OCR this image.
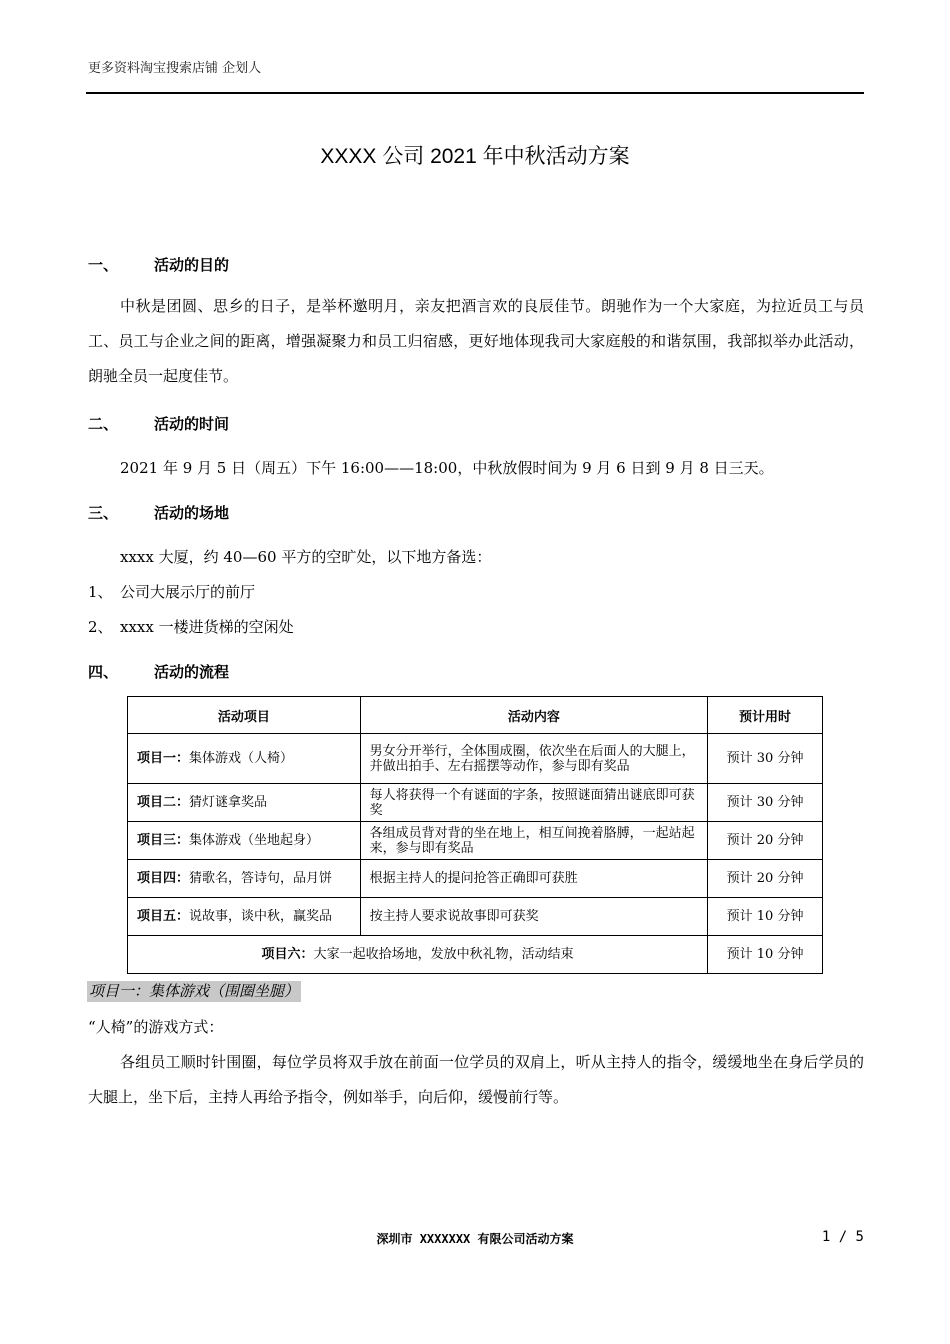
更多资料淘宝搜索店铺 企划人
XXXX 公司 2021 年中秋活动方案
一、 活动的目的
中秋是团圆、思乡的日子，是举杯邀明月，亲友把酒言欢的良辰佳节。朗驰作为一个大家庭，为拉近员工与员工、员工与企业之间的距离，增强凝聚力和员工归宿感，更好地体现我司大家庭般的和谐氛围，我部拟举办此活动，朗驰全员一起度佳节。
二、 活动的时间
2021 年 9 月 5 日（周五）下午 16:00——18:00，中秋放假时间为 9 月 6 日到 9 月 8 日三天。
三、 活动的场地
xxxx 大厦，约 40—60 平方的空旷处，以下地方备选：
1、 公司大展示厅的前厅
2、 xxxx 一楼进货梯的空闲处
四、 活动的流程
活动项目	活动内容	预计用时
项目一：集体游戏（人椅）	男女分开举行，全体围成圈，依次坐在后面人的大腿上，并做出拍手、左右摇摆等动作，参与即有奖品	预计 30 分钟
项目二：猜灯谜拿奖品	每人将获得一个有谜面的字条，按照谜面猜出谜底即可获奖	预计 30 分钟
项目三：集体游戏（坐地起身）	各组成员背对背的坐在地上，相互间挽着胳膊，一起站起来，参与即有奖品	预计 20 分钟
项目四：猜歌名，答诗句，品月饼	根据主持人的提问抢答正确即可获胜	预计 20 分钟
项目五：说故事，谈中秋，赢奖品	按主持人要求说故事即可获奖	预计 10 分钟
项目六：大家一起收拾场地，发放中秋礼物，活动结束		预计 10 分钟
项目一：集体游戏（围圈坐腿）
“人椅”的游戏方式：
各组员工顺时针围圈，每位学员将双手放在前面一位学员的双肩上，听从主持人的指令，缓缓地坐在身后学员的大腿上，坐下后，主持人再给予指令，例如举手，向后仰，缓慢前行等。
深圳市 XXXXXXX 有限公司活动方案	1 / 5
